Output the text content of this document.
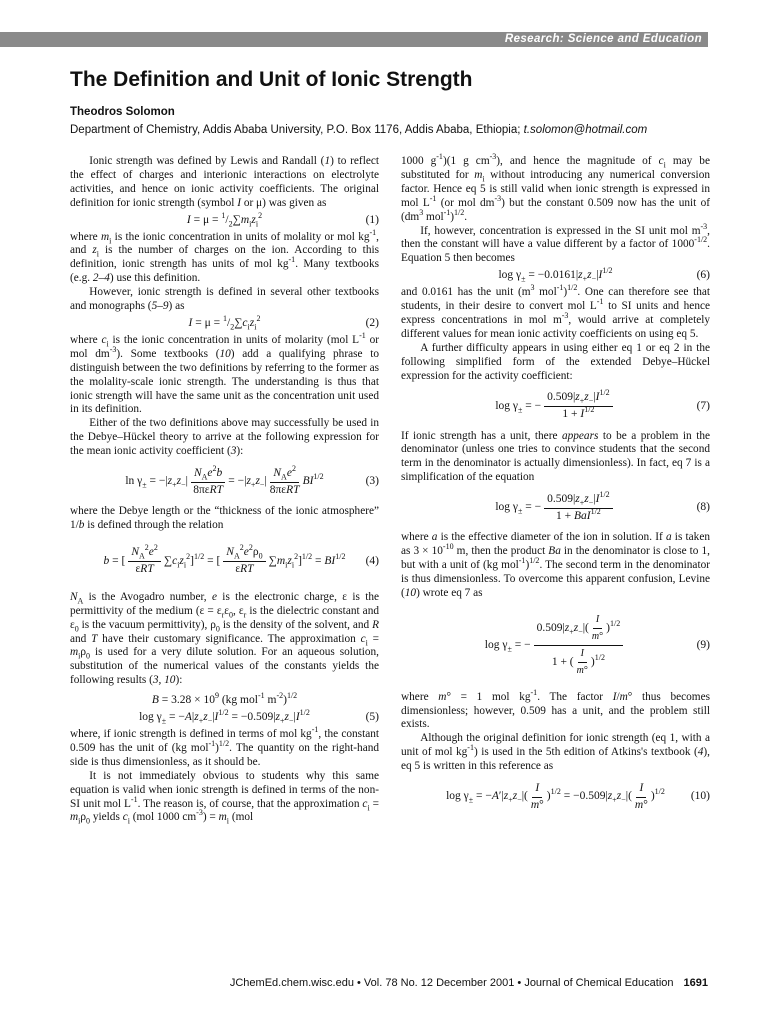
Research: Science and Education
The Definition and Unit of Ionic Strength
Theodros Solomon
Department of Chemistry, Addis Ababa University, P.O. Box 1176, Addis Ababa, Ethiopia; t.solomon@hotmail.com

Ionic strength was defined by Lewis and Randall (1) to reflect the effect of charges and interionic interactions on electrolyte activities, and hence on ionic activity coefficients. The original definition for ionic strength (symbol I or μ) was given as

$I = \mu = ^1/_2\sum m_iz_i^2$	(1)

where $m_i$ is the ionic concentration in units of molality or mol $kg^{-1}$, and $z_i$ is the number of charges on the ion. According to this definition, ionic strength has units of mol $kg^{-1}$. Many textbooks (e.g. 2–4) use this definition.

However, ionic strength is defined in several other textbooks and monographs (5–9) as

$I = \mu = ^1/_2\sum c_iz_i^2$	(2)

where $c_i$ is the ionic concentration in units of molarity (mol $L^{-1}$ or mol $dm^{-3}$). Some textbooks (10) add a qualifying phrase to distinguish between the two definitions by referring to the former as the molality-scale ionic strength. The understanding is thus that ionic strength will have the same unit as the concentration unit used in its definition.

Either of the two definitions above may successfully be used in the Debye–Hückel theory to arrive at the following expression for the mean ionic activity coefficient (3):

$\ln \gamma_\pm = -|z_+z_-| \frac{N_Ae^2b}{\text{8πεRT}} = -|z_+z_-| \frac{N_Ae^2}{\text{8πεRT}} BI^{1/2}$	(3)

where the Debye length or the “thickness of the ionic atmosphere” 1/b is defined through the relation

b = [ $\frac{N_A^2e^2}{\text{εRT}} \sum c_iz_i^2]^{1/2}$ = [ $\frac{N_A^2e^2\rho_0}{\text{εRT}} \sum m_iz_i^2]^{1/2} = BI^{1/2}$ (4)

$N_A$ is the Avogadro number, e is the electronic charge, ε is the permittivity of the medium ($\varepsilon = \varepsilon_r\varepsilon_0$, $\varepsilon_r$ is the dielectric constant and $\varepsilon_0$ is the vacuum permittivity), $\rho_0$ is the density of the solvent, and R and T have their customary significance. The approximation $c_i = m_i\rho_0$ is used for a very dilute solution. For an aqueous solution, substitution of the numerical values of the constants yields the following results (3, 10):

$B = 3.28 \times 10^9$ (kg mol$^{-1}$ $m^{-2})^{1/2}$
$\log \gamma_\pm = -A|z_+z_-|I^{1/2} = -0.509|z_+z_-|I^{1/2}$	(5)

where, if ionic strength is defined in terms of mol $kg^{-1}$, the constant 0.509 has the unit of (kg mol$^{-1}$)$^{1/2}$. The quantity on the right-hand side is thus dimensionless, as it should be.

It is not immediately obvious to students why this same equation is valid when ionic strength is defined in terms of the non-SI unit mol $L^{-1}$. The reason is, of course, that the approximation $c_i = m_i\rho_0$ yields $c_i$ (mol 1000 $cm^{-3}) = m_i$ (mol

1000 $g^{-1})(1$ g $cm^{-3}$), and hence the magnitude of $c_i$ may be substituted for $m_i$ without introducing any numerical conversion factor. Hence eq 5 is still valid when ionic strength is expressed in mol $L^{-1}$ (or mol $dm^{-3}$) but the constant 0.509 now has the unit of ($dm^3$ mol$^{-1}$)$^{1/2}$.

If, however, concentration is expressed in the SI unit mol $m^{-3}$, then the constant will have a value different by a factor of $1000^{-1/2}$. Equation 5 then becomes

$\log \gamma_\pm = -0.0161|z_+z_-|I^{1/2}$	(6)

and 0.0161 has the unit ($m^3$ mol$^{-1}$)$^{1/2}$. One can therefore see that students, in their desire to convert mol $L^{-1}$ to SI units and hence express concentrations in mol $m^{-3}$, would arrive at completely different values for mean ionic activity coefficients on using eq 5.

A further difficulty appears in using either eq 1 or eq 2 in the following simplified form of the extended Debye–Hückel expression for the activity coefficient:

$\log \gamma_\pm$ = − $\frac{0.509|z_+z_-|I^{1/2}}{1 + I^{1/2}}$	(7)

If ionic strength has a unit, there appears to be a problem in the denominator (unless one tries to convince students that the second term in the denominator is actually dimensionless). In fact, eq 7 is a simplification of the equation

$\log \gamma_\pm$ = − $\frac{0.509|z_+z_-|I^{1/2}}{1 + BaI^{1/2}}$	(8)

where a is the effective diameter of the ion in solution. If a is taken as $3 \times 10^{-10}$ m, then the product Ba in the denominator is close to 1, but with a unit of (kg mol$^{-1}$)$^{1/2}$. The second term in the denominator is thus dimensionless. To overcome this apparent confusion, Levine (10) wrote eq 7 as

$\log \gamma_\pm$ = − $\frac{0.509|z_+z_-|( \frac{I}{m^\circ} )^{1/2}}{1 + ( \frac{I}{m^\circ} )^{1/2}}$	(9)

where m° = 1 mol $kg^{-1}$. The factor I/m° thus becomes dimensionless; however, 0.509 has a unit, and the problem still exists.

Although the original definition for ionic strength (eq 1, with a unit of mol $kg^{-1}$) is used in the 5th edition of Atkins's textbook (4), eq 5 is written in this reference as

$\log \gamma_\pm = -A'|z_+z_-|( \frac{I}{m^\circ} )^{1/2} = -0.509|z_+z_-|( \frac{I}{m^\circ} )^{1/2}$ (10)
JChemEd.chem.wisc.edu • Vol. 78 No. 12 December 2001 • Journal of Chemical Education 1691
